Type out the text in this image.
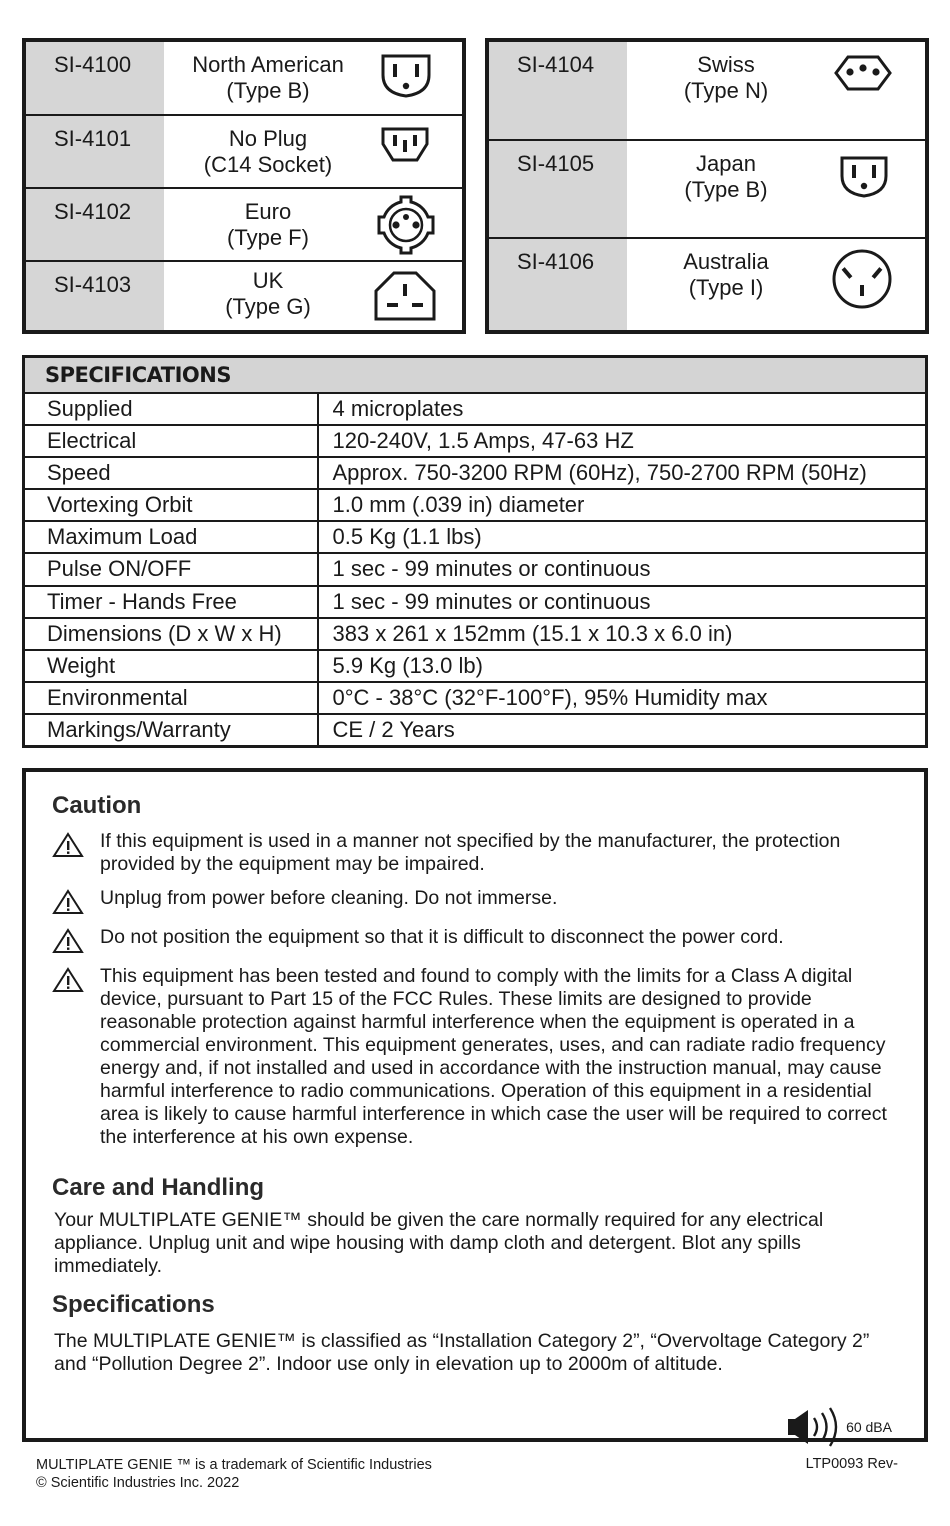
SI-4100	North American
(Type B)
SI-4101	No Plug
(C14 Socket)
SI-4102	Euro
(Type F)
SI-4103	UK
(Type G)
SI-4104	Swiss
(Type N)
SI-4105	Japan
(Type B)
SI-4106	Australia
(Type I)
SPECIFICATIONS	
Supplied	4 microplates
Electrical	120-240V, 1.5 Amps, 47-63 HZ
Speed	Approx. 750-3200 RPM (60Hz), 750-2700 RPM (50Hz)
Vortexing Orbit	1.0 mm (.039 in) diameter
Maximum Load	0.5 Kg (1.1 lbs)
Pulse ON/OFF	1 sec - 99 minutes or continuous
Timer - Hands Free	1 sec - 99 minutes or continuous
Dimensions (D x W x H)	383 x 261 x 152mm (15.1 x 10.3 x 6.0 in)
Weight	5.9 Kg (13.0 lb)
Environmental	0°C - 38°C (32°F-100°F), 95% Humidity max
Markings/Warranty	CE / 2 Years
Caution

If this equipment is used in a manner not specified by the manufacturer, the protection provided by the equipment may be impaired.

Unplug from power before cleaning. Do not immerse.

Do not position the equipment so that it is difficult to disconnect the power cord.

This equipment has been tested and found to comply with the limits for a Class A digital device, pursuant to Part 15 of the FCC Rules. These limits are designed to provide reasonable protection against harmful interference when the equipment is operated in a commercial environment. This equipment generates, uses, and can radiate radio frequency energy and, if not installed and used in accordance with the instruction manual, may cause harmful interference to radio communications. Operation of this equipment in a residential area is likely to cause harmful interference in which case the user will be required to correct the interference at his own expense.

Care and Handling

Your MULTIPLATE GENIE™ should be given the care normally required for any electrical appliance. Unplug unit and wipe housing with damp cloth and detergent. Blot any spills immediately.

Specifications

The MULTIPLATE GENIE™ is classified as “Installation Category 2”, “Overvoltage Category 2” and “Pollution Degree 2”. Indoor use only in elevation up to 2000m of altitude.

60 dBA
MULTIPLATE GENIE ™ is a trademark of Scientific Industries
© Scientific Industries Inc. 2022
LTP0093 Rev-
